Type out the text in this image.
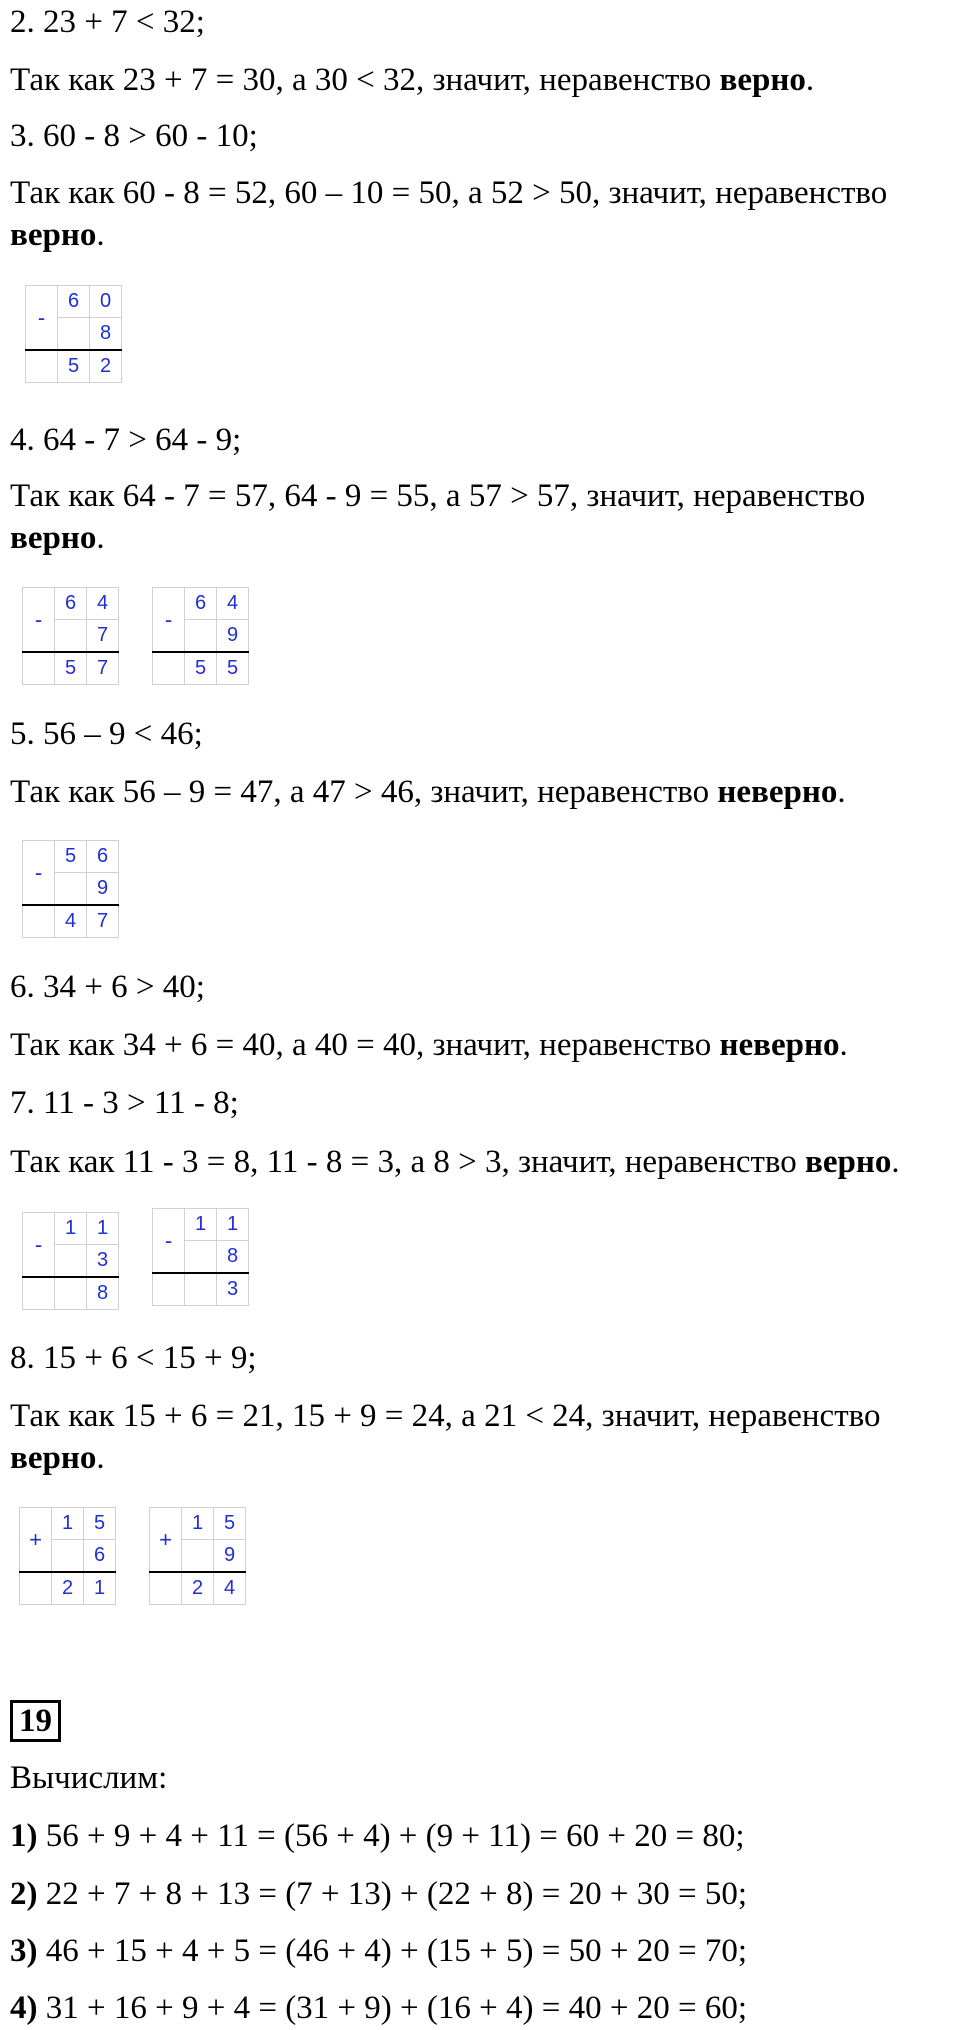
2. 23 + 7 < 32;
Так как 23 + 7 = 30, а 30 < 32, значит, неравенство верно.
3. 60 - 8 > 60 - 10;
Так как 60 - 8 = 52, 60 – 10 = 50, а 52 > 50, значит, неравенство верно.
-	6	0
		8
	5	2
4. 64 - 7 > 64 - 9;
Так как 64 - 7 = 57, 64 - 9 = 55, а 57 > 57, значит, неравенство верно.
-	6	4
		7
	5	7
-	6	4
		9
	5	5
5. 56 – 9 < 46;
Так как 56 – 9 = 47, а 47 > 46, значит, неравенство неверно.
-	5	6
		9
	4	7
6. 34 + 6 > 40;
Так как 34 + 6 = 40, а 40 = 40, значит, неравенство неверно.
7. 11 - 3 > 11 - 8;
Так как 11 - 3 = 8, 11 - 8 = 3, а 8 > 3, значит, неравенство верно.
-	1	1
		3
		8
-	1	1
		8
		3
8. 15 + 6 < 15 + 9;
Так как 15 + 6 = 21, 15 + 9 = 24, а 21 < 24, значит, неравенство верно.
+	1	5
		6
	2	1
+	1	5
		9
	2	4
19
Вычислим:
1) 56 + 9 + 4 + 11 = (56 + 4) + (9 + 11) = 60 + 20 = 80;
2) 22 + 7 + 8 + 13 = (7 + 13) + (22 + 8) = 20 + 30 = 50;
3) 46 + 15 + 4 + 5 = (46 + 4) + (15 + 5) = 50 + 20 = 70;
4) 31 + 16 + 9 + 4 = (31 + 9) + (16 + 4) = 40 + 20 = 60;
